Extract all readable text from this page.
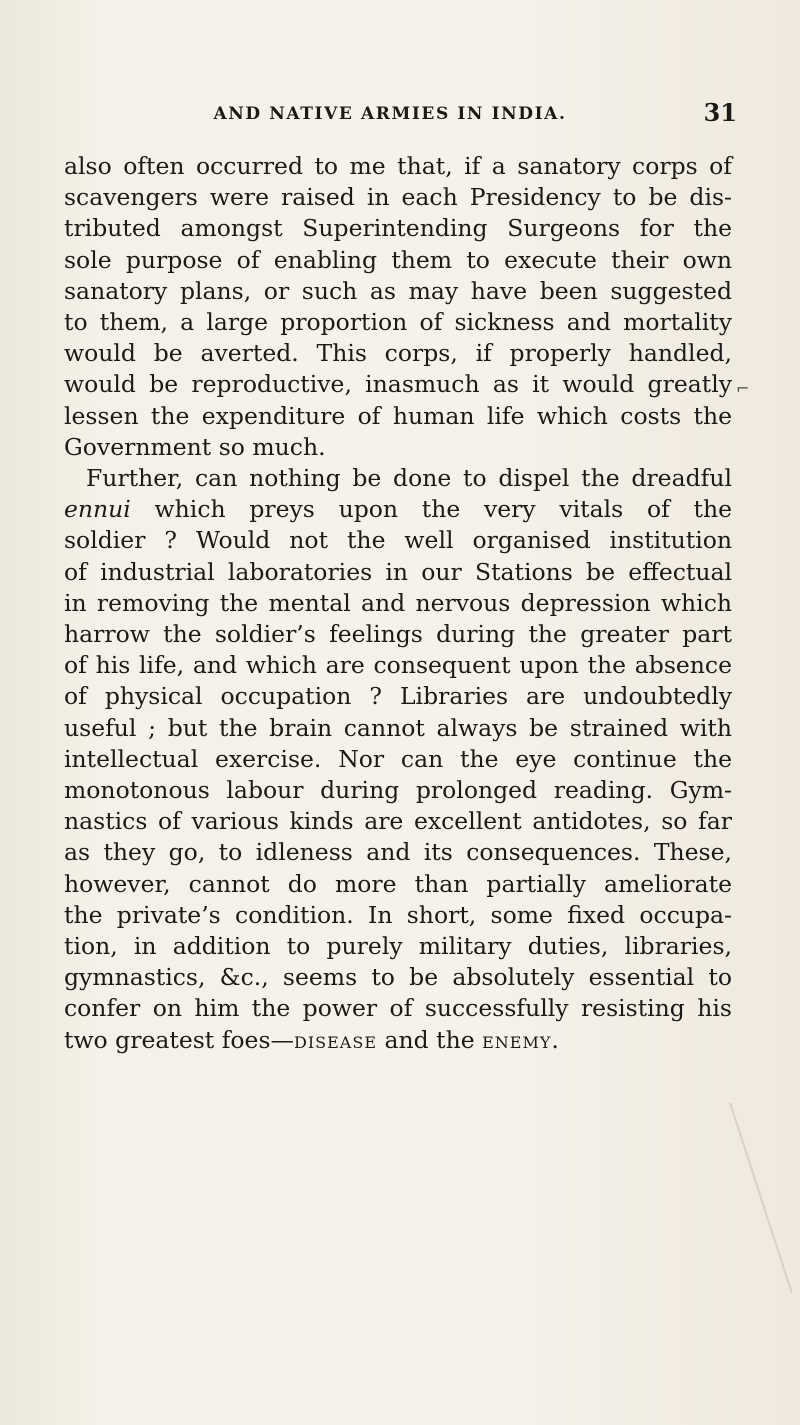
AND NATIVE ARMIES IN INDIA.	31
⌐
also often occurred to me that, if a sanatory corps of
scavengers were raised in each Presidency to be dis-
tributed amongst Superintending Surgeons for the
sole purpose of enabling them to execute their own
sanatory plans, or such as may have been suggested
to them, a large proportion of sickness and mortality
would be averted. This corps, if properly handled,
would be reproductive, inasmuch as it would greatly
lessen the expenditure of human life which costs the
Government so much.
Further, can nothing be done to dispel the dreadful
ennui which preys upon the very vitals of the
soldier ? Would not the well organised institution
of industrial laboratories in our Stations be effectual
in removing the mental and nervous depression which
harrow the soldier’s feelings during the greater part
of his life, and which are consequent upon the absence
of physical occupation ? Libraries are undoubtedly
useful ; but the brain cannot always be strained with
intellectual exercise. Nor can the eye continue the
monotonous labour during prolonged reading. Gym-
nastics of various kinds are excellent antidotes, so far
as they go, to idleness and its consequences. These,
however, cannot do more than partially ameliorate
the private’s condition. In short, some fixed occupa-
tion, in addition to purely military duties, libraries,
gymnastics, &c., seems to be absolutely essential to
confer on him the power of successfully resisting his
two greatest foes—disease and the enemy.
